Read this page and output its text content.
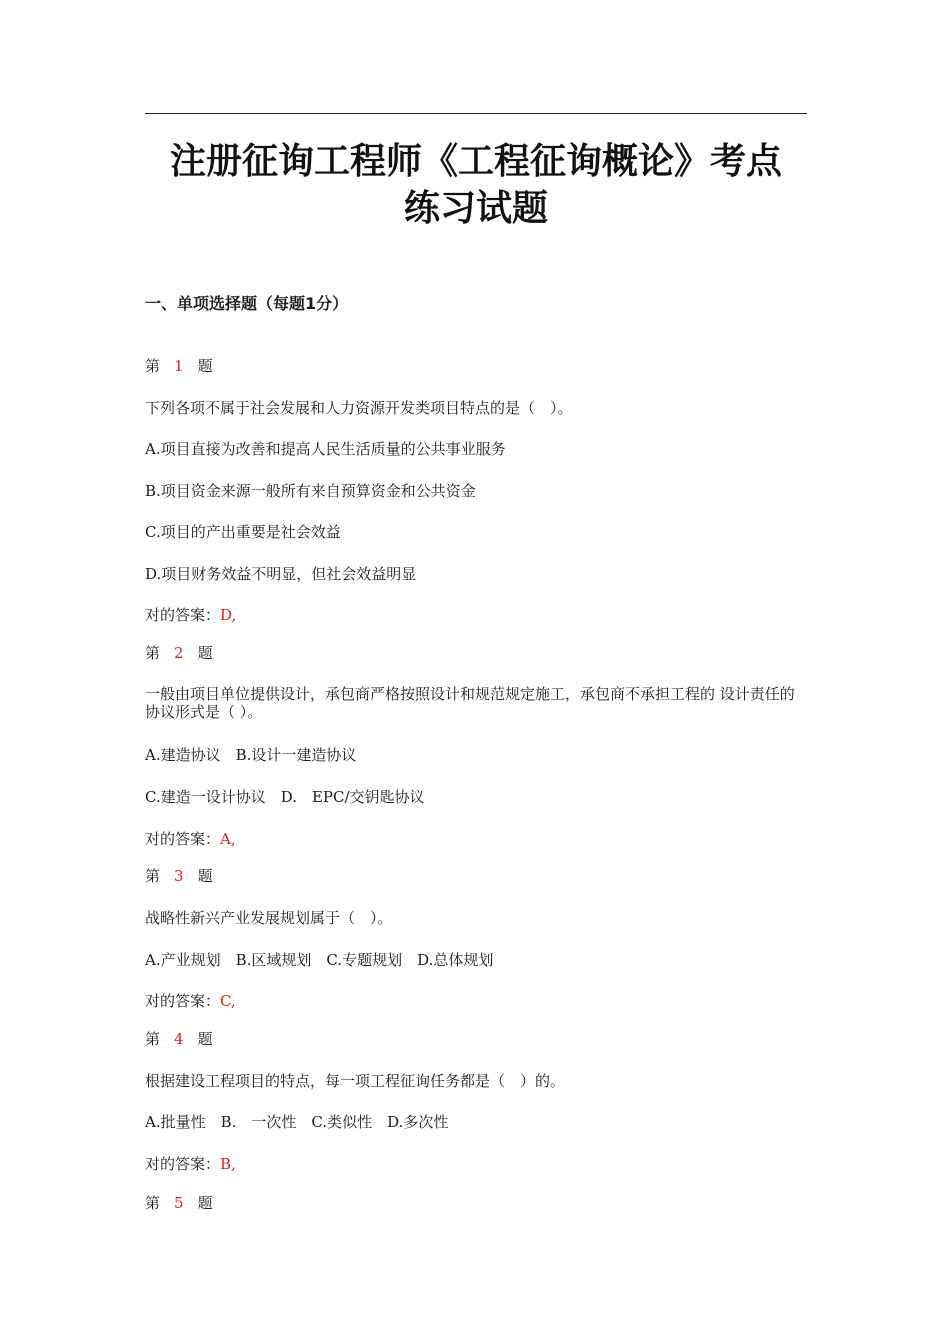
注册征询工程师《工程征询概论》考点
练习试题
一、单项选择题（每题1分）
第 1 题
下列各项不属于社会发展和人力资源开发类项目特点的是（　）。
A.项目直接为改善和提高人民生活质量的公共事业服务
B.项目资金来源一般所有来自预算资金和公共资金
C.项目的产出重要是社会效益
D.项目财务效益不明显，但社会效益明显
对的答案：D,
第 2 题
一般由项目单位提供设计，承包商严格按照设计和规范规定施工，承包商不承担工程的 设计责任的协议形式是（ ）。
A.建造协议　B.设计一建造协议
C.建造一设计协议　D.　EPC/交钥匙协议
对的答案：A,
第 3 题
战略性新兴产业发展规划属于（　）。
A.产业规划　B.区域规划　C.专题规划　D.总体规划
对的答案：C,
第 4 题
根据建设工程项目的特点，每一项工程征询任务都是（　）的。
A.批量性　B.　一次性　C.类似性　D.多次性
对的答案：B,
第 5 题
